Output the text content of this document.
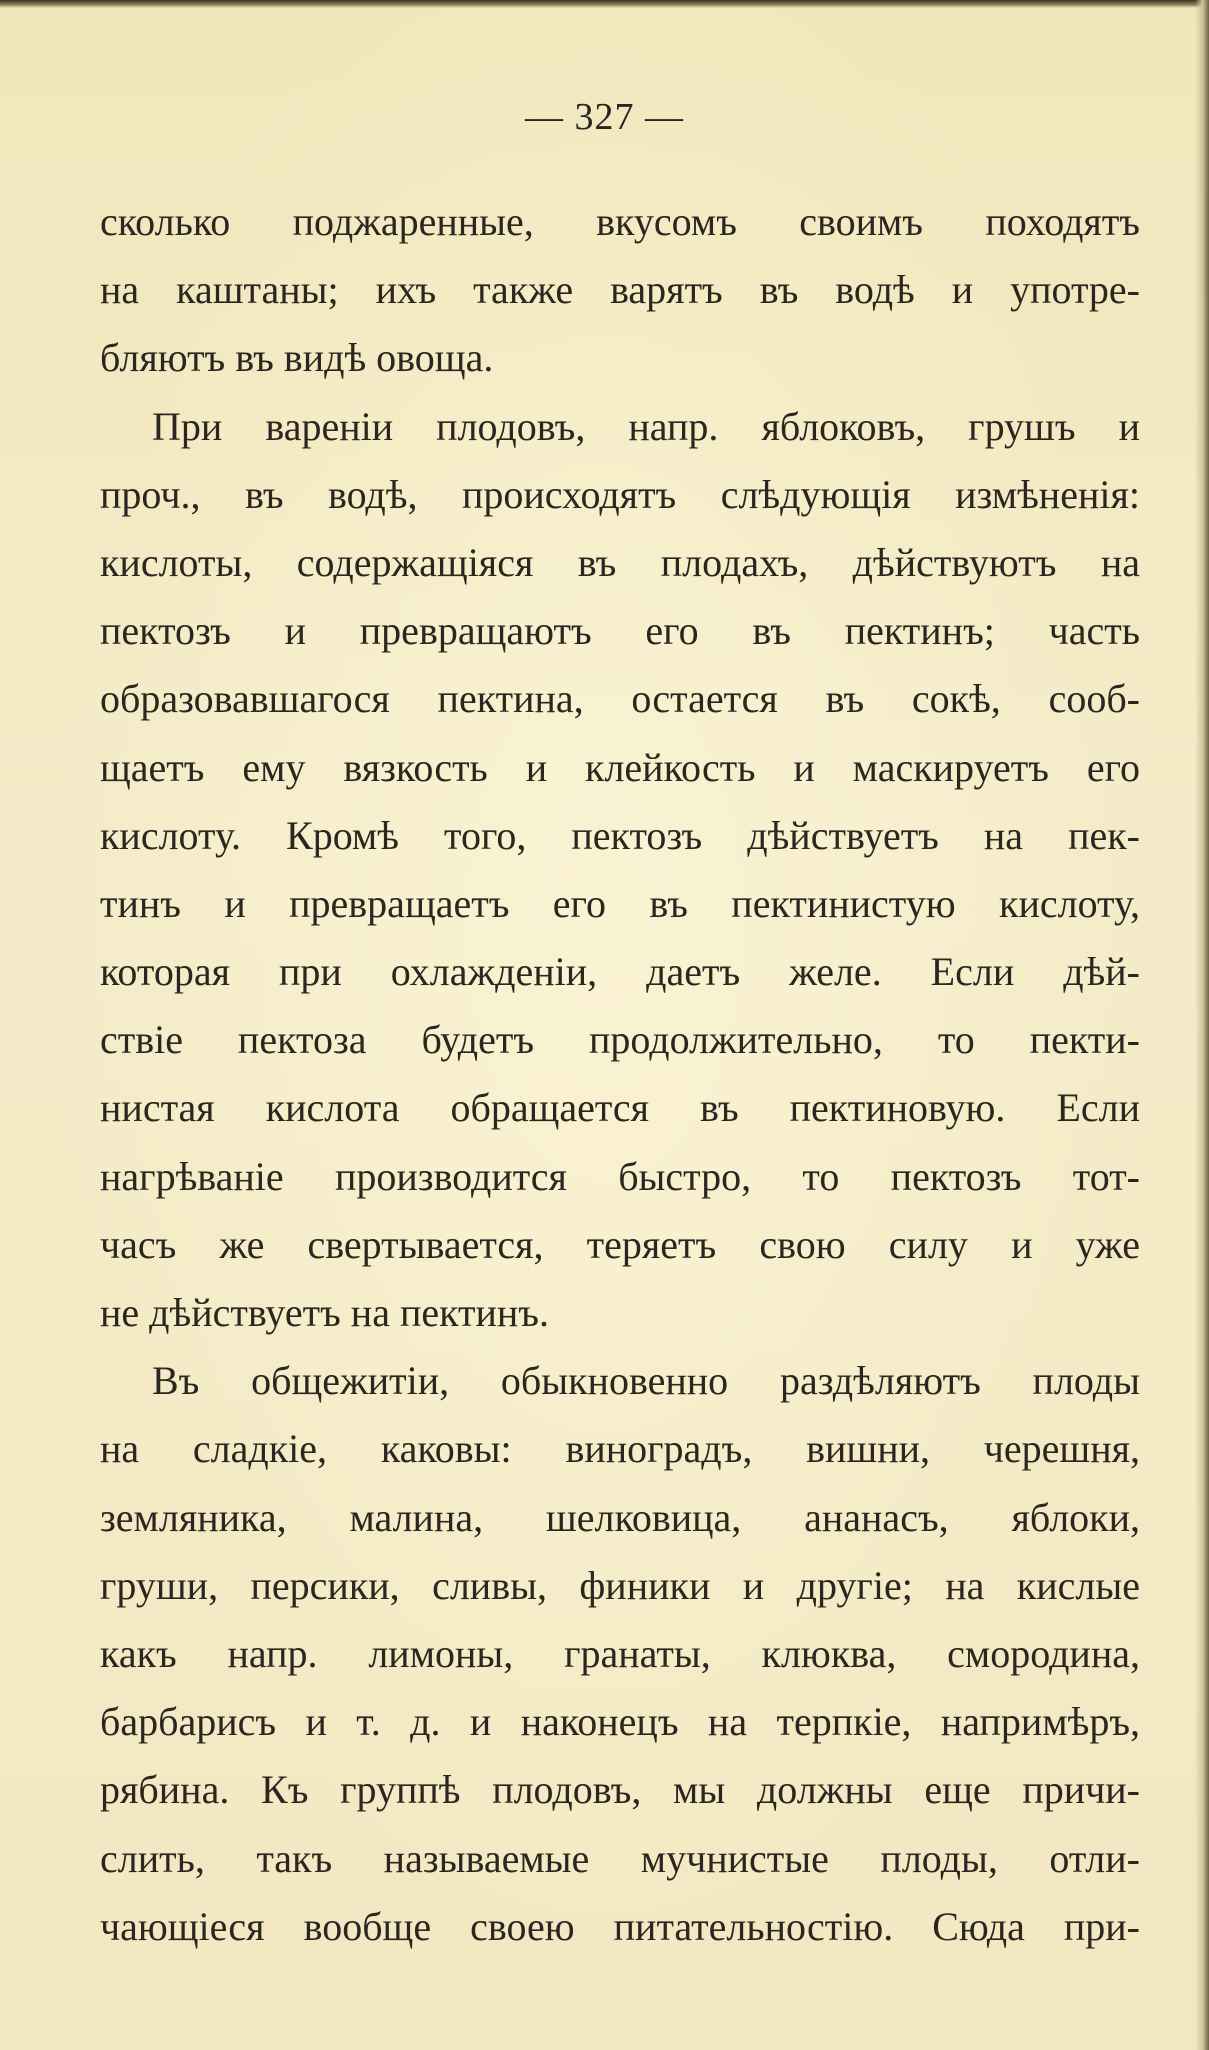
— 327 —
сколько поджаренные, вкусомъ своимъ походятъ
на каштаны; ихъ также варятъ въ водѣ и употре-
бляютъ въ видѣ овоща.
При вареніи плодовъ, напр. яблоковъ, грушъ и
проч., въ водѣ, происходятъ слѣдующія измѣненія:
кислоты, содержащіяся въ плодахъ, дѣйствуютъ на
пектозъ и превращаютъ его въ пектинъ; часть
образовавшагося пектина, остается въ сокѣ, сооб-
щаетъ ему вязкость и клейкость и маскируетъ его
кислоту. Кромѣ того, пектозъ дѣйствуетъ на пек-
тинъ и превращаетъ его въ пектинистую кислоту,
которая при охлажденіи, даетъ желе. Если дѣй-
ствіе пектоза будетъ продолжительно, то пекти-
нистая кислота обращается въ пектиновую. Если
нагрѣваніе производится быстро, то пектозъ тот-
часъ же свертывается, теряетъ свою силу и уже
не дѣйствуетъ на пектинъ.
Въ общежитіи, обыкновенно раздѣляютъ плоды
на сладкіе, каковы: виноградъ, вишни, черешня,
земляника, малина, шелковица, ананасъ, яблоки,
груши, персики, сливы, финики и другіе; на кислые
какъ напр. лимоны, гранаты, клюква, смородина,
барбарисъ и т. д. и наконецъ на терпкіе, напримѣръ,
рябина. Къ группѣ плодовъ, мы должны еще причи-
слить, такъ называемые мучнистые плоды, отли-
чающіеся вообще своею питательностію. Сюда при-
